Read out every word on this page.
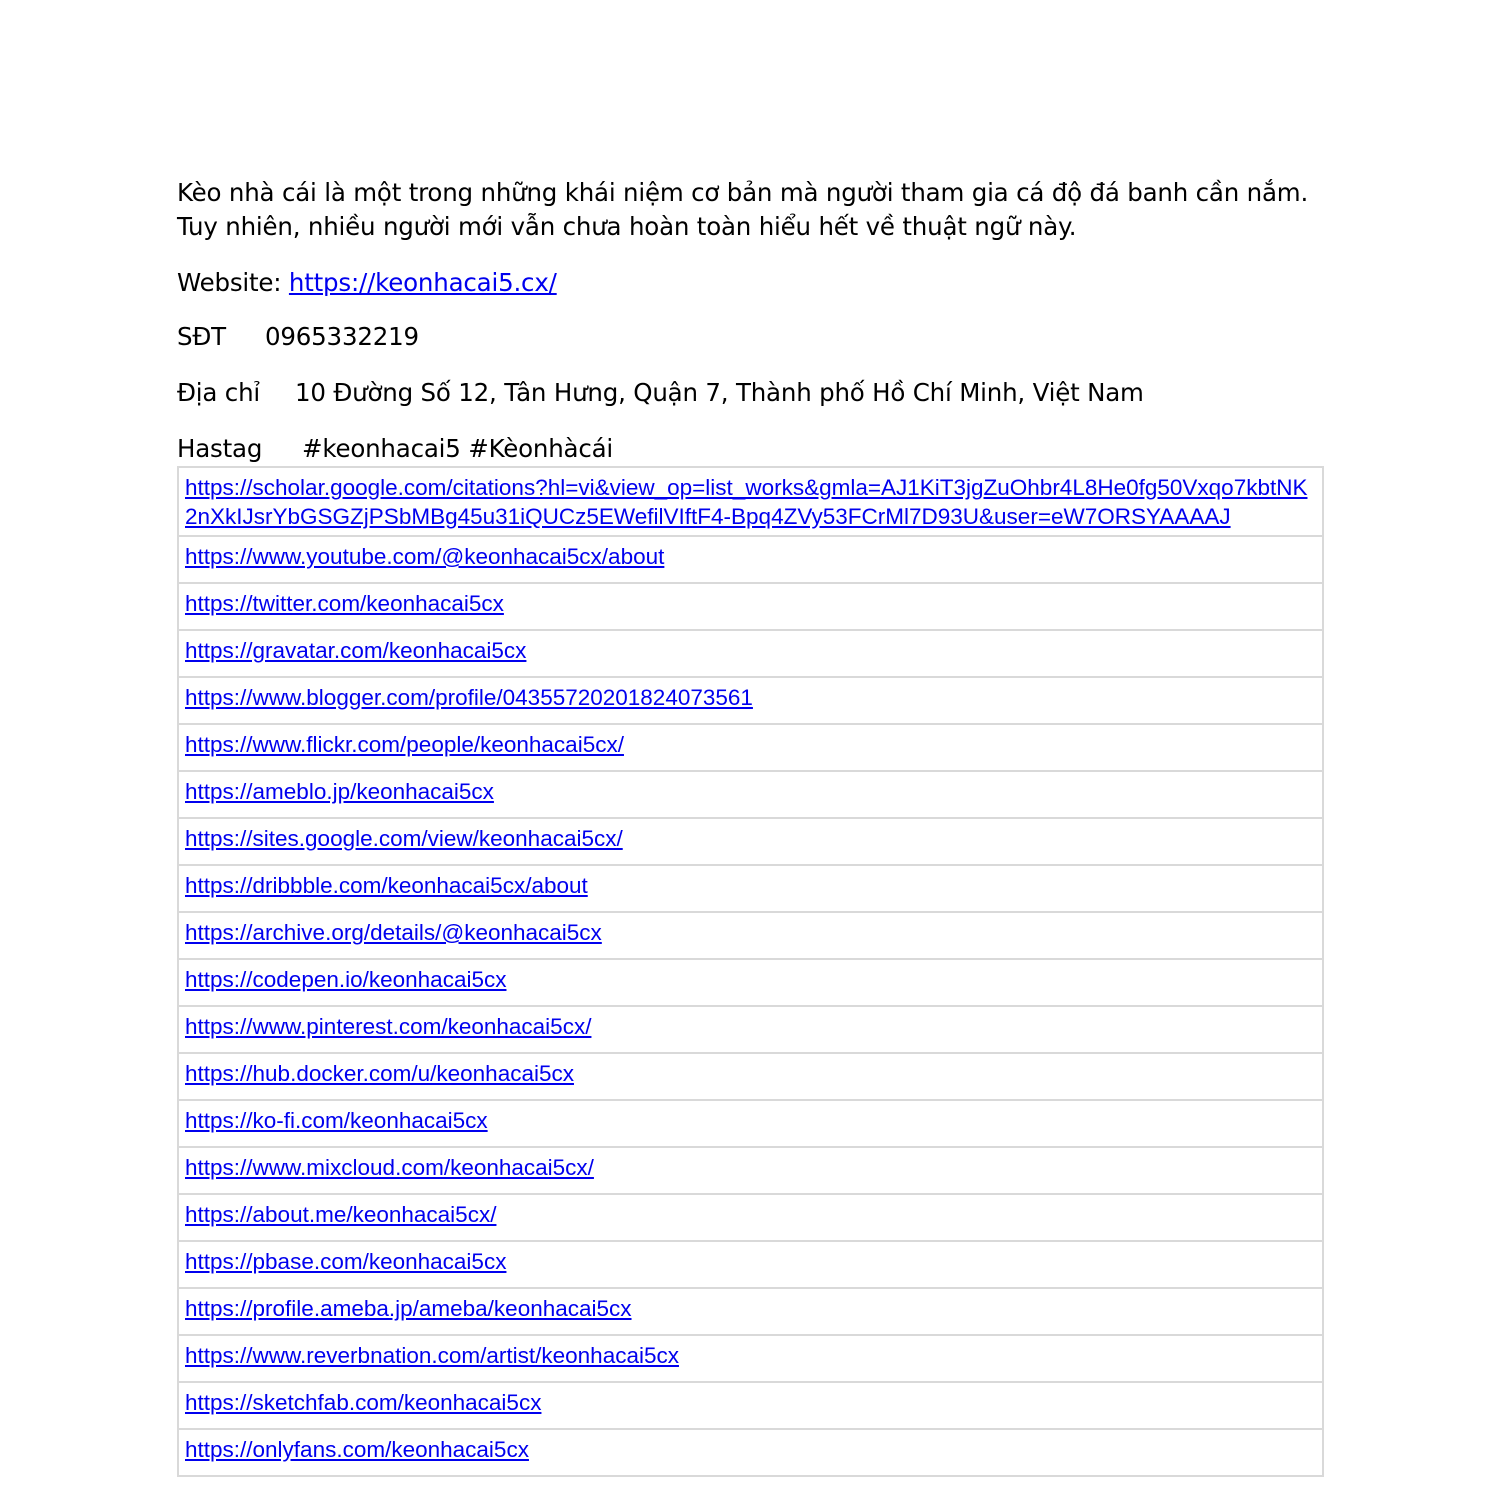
Kèo nhà cái là một trong những khái niệm cơ bản mà người tham gia cá độ đá banh cần nắm. Tuy nhiên, nhiều người mới vẫn chưa hoàn toàn hiểu hết về thuật ngữ này.

Website: https://keonhacai5.cx/

SĐT 0965332219

Địa chỉ 10 Đường Số 12, Tân Hưng, Quận 7, Thành phố Hồ Chí Minh, Việt Nam

Hastag #keonhacai5 #Kèonhàcái

https://scholar.google.com/citations?hl=vi&view_op=list_works&gmla=AJ1KiT3jgZuOhbr4L8He0fg50Vxqo7kbtNK2nXkIJsrYbGSGZjPSbMBg45u31iQUCz5EWefilVIftF4-Bpq4ZVy53FCrMl7D93U&user=eW7ORSYAAAAJ
https://www.youtube.com/@keonhacai5cx/about
https://twitter.com/keonhacai5cx
https://gravatar.com/keonhacai5cx
https://www.blogger.com/profile/04355720201824073561
https://www.flickr.com/people/keonhacai5cx/
https://ameblo.jp/keonhacai5cx
https://sites.google.com/view/keonhacai5cx/
https://dribbble.com/keonhacai5cx/about
https://archive.org/details/@keonhacai5cx
https://codepen.io/keonhacai5cx
https://www.pinterest.com/keonhacai5cx/
https://hub.docker.com/u/keonhacai5cx
https://ko-fi.com/keonhacai5cx
https://www.mixcloud.com/keonhacai5cx/
https://about.me/keonhacai5cx/
https://pbase.com/keonhacai5cx
https://profile.ameba.jp/ameba/keonhacai5cx
https://www.reverbnation.com/artist/keonhacai5cx
https://sketchfab.com/keonhacai5cx
https://onlyfans.com/keonhacai5cx
